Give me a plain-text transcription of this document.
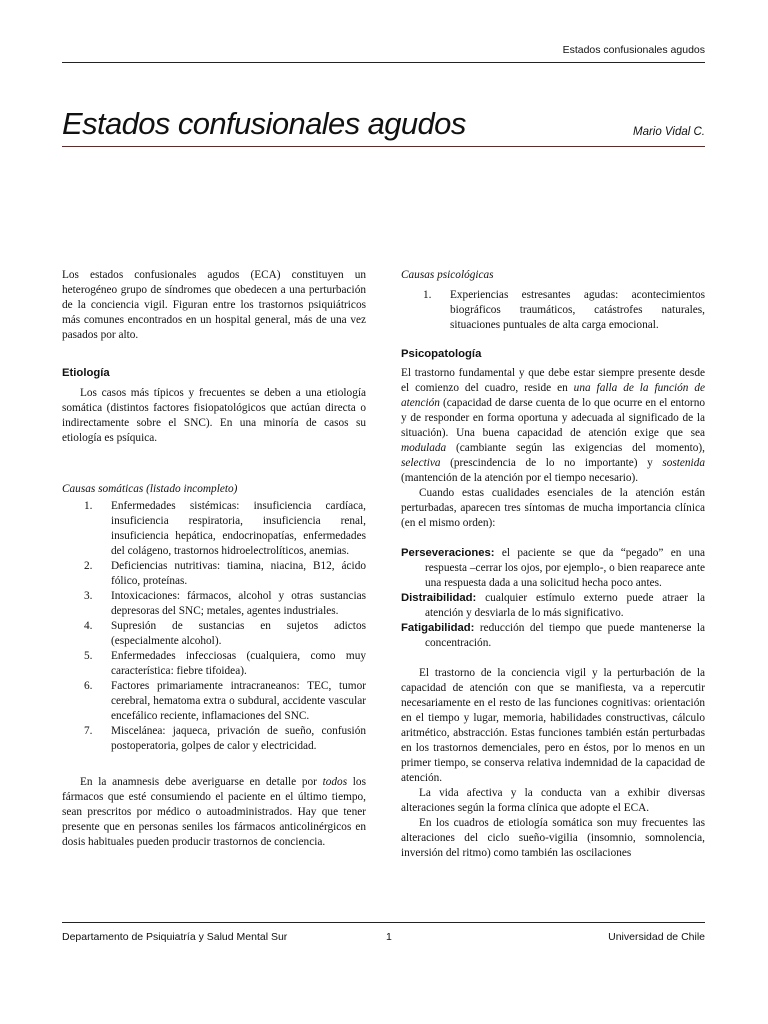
Estados confusionales agudos
Estados confusionales agudos	Mario Vidal C.

Los estados confusionales agudos (ECA) constituyen un heterogéneo grupo de síndromes que obedecen a una perturbación de la conciencia vigil. Figuran entre los trastornos psiquiátricos más comunes encontrados en un hospital general, más de una vez pasados por alto.

Etiología

Los casos más típicos y frecuentes se deben a una etiología somática (distintos factores fisiopatológicos que actúan directa o indirectamente sobre el SNC). En una minoría de casos su etiología es psíquica.

Causas somáticas (listado incompleto)

1. Enfermedades sistémicas: insuficiencia cardíaca, insuficiencia respiratoria, insuficiencia renal, insuficiencia hepática, endocrinopatías, enfermedades del colágeno, trastornos hidroelectrolíticos, anemias.
2. Deficiencias nutritivas: tiamina, niacina, B12, ácido fólico, proteínas.
3. Intoxicaciones: fármacos, alcohol y otras sustancias depresoras del SNC; metales, agentes industriales.
4. Supresión de sustancias en sujetos adictos (especialmente alcohol).
5. Enfermedades infecciosas (cualquiera, como muy característica: fiebre tifoidea).
6. Factores primariamente intracraneanos: TEC, tumor cerebral, hematoma extra o subdural, accidente vascular encefálico reciente, inflamaciones del SNC.
7. Miscelánea: jaqueca, privación de sueño, confusión postoperatoria, golpes de calor y electricidad.

En la anamnesis debe averiguarse en detalle por todos los fármacos que esté consumiendo el paciente en el último tiempo, sean prescritos por médico o autoadministrados. Hay que tener presente que en personas seniles los fármacos anticolinérgicos en dosis habituales pueden producir trastornos de conciencia.

Causas psicológicas

1. Experiencias estresantes agudas: acontecimientos biográficos traumáticos, catástrofes naturales, situaciones puntuales de alta carga emocional.

Psicopatología

El trastorno fundamental y que debe estar siempre presente desde el comienzo del cuadro, reside en una falla de la función de atención (capacidad de darse cuenta de lo que ocurre en el entorno y de responder en forma oportuna y adecuada al significado de la situación). Una buena capacidad de atención exige que sea modulada (cambiante según las exigencias del momento), selectiva (prescindencia de lo no importante) y sostenida (mantención de la atención por el tiempo necesario).

Cuando estas cualidades esenciales de la atención están perturbadas, aparecen tres síntomas de mucha importancia clínica (en el mismo orden):

Perseveraciones: el paciente se que da “pegado” en una respuesta –cerrar los ojos, por ejemplo-, o bien reaparece ante una respuesta dada a una solicitud hecha poco antes.

Distraibilidad: cualquier estímulo externo puede atraer la atención y desviarla de lo más significativo.

Fatigabilidad: reducción del tiempo que puede mantenerse la concentración.

El trastorno de la conciencia vigil y la perturbación de la capacidad de atención con que se manifiesta, va a repercutir necesariamente en el resto de las funciones cognitivas: orientación en el tiempo y lugar, memoria, habilidades constructivas, cálculo aritmético, abstracción. Estas funciones también están perturbadas en los trastornos demenciales, pero en éstos, por lo menos en un primer tiempo, se conserva relativa indemnidad de la capacidad de atención.

La vida afectiva y la conducta van a exhibir diversas alteraciones según la forma clínica que adopte el ECA.

En los cuadros de etiología somática son muy frecuentes las alteraciones del ciclo sueño-vigilia (insomnio, somnolencia, inversión del ritmo) como también las oscilaciones

Departamento de Psiquiatría y Salud Mental Sur	1	Universidad de Chile
